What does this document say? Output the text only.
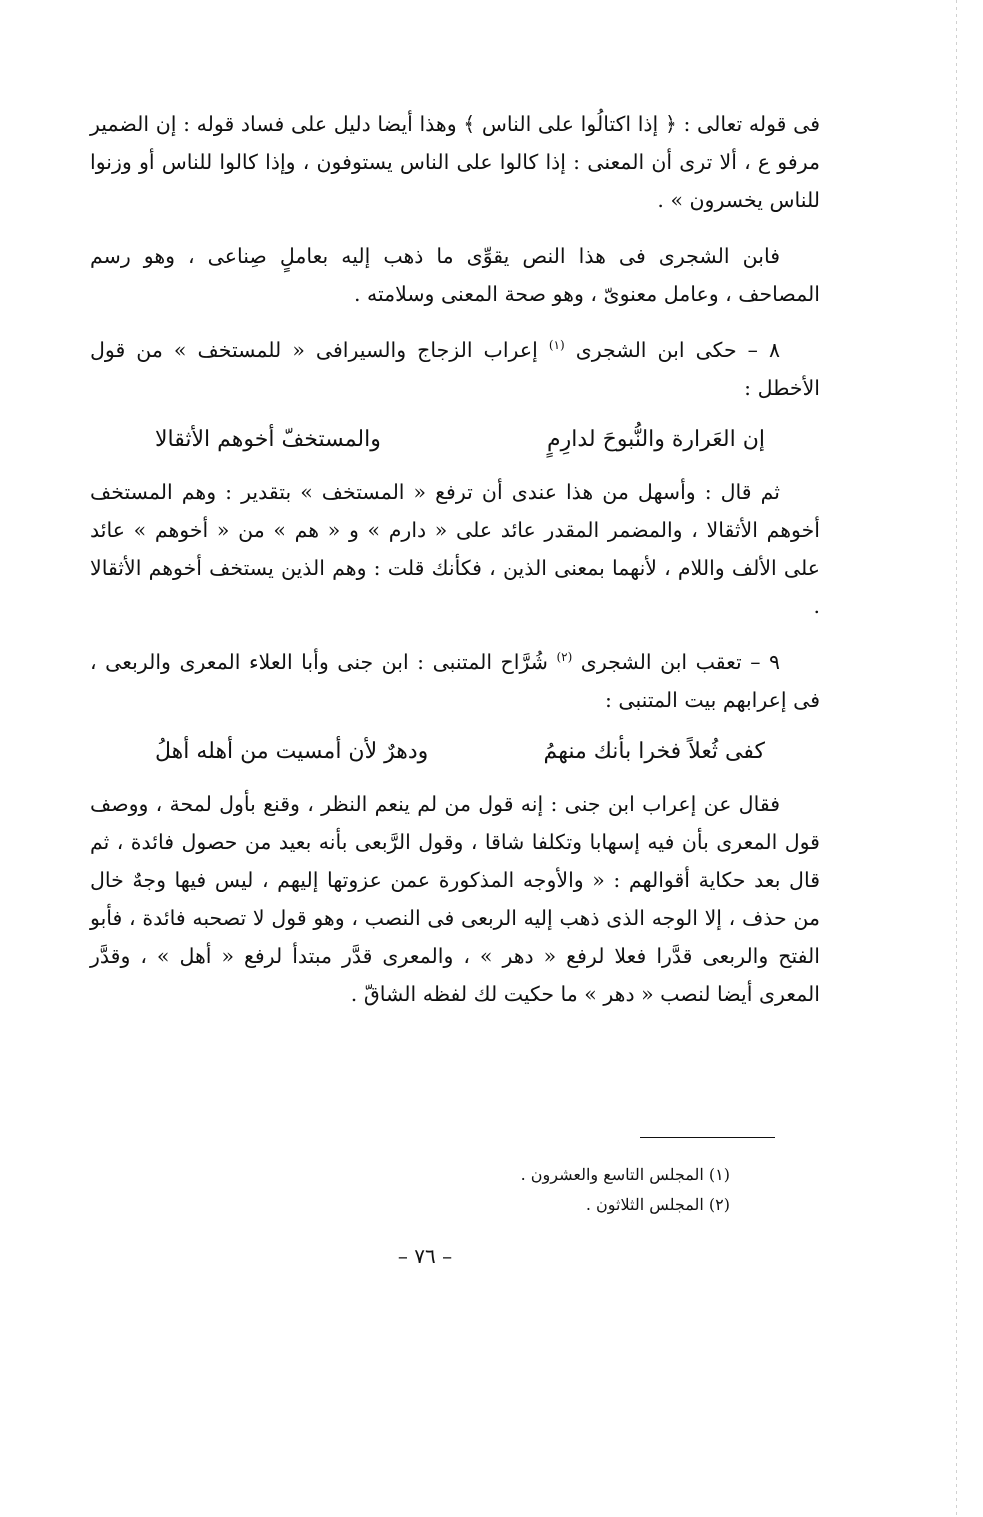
فى قوله تعالى : ﴿ إذا اكتالُوا على الناس ﴾ وهذا أيضا دليل على فساد قوله : إن الضمير مرفو ع ، ألا ترى أن المعنى : إذا كالوا على الناس يستوفون ، وإذا كالوا للناس أو وزنوا للناس يخسرون » .

فابن الشجرى فى هذا النص يقوِّى ما ذهب إليه بعاملٍ صِناعى ، وهو رسم المصاحف ، وعامل معنوىّ ، وهو صحة المعنى وسلامته .

٨ – حكى ابن الشجرى $^{(١)}$ إعراب الزجاج والسيرافى « للمستخف » من قول الأخطل :

إن العَرارة والنُّبوحَ لدارِمٍ
والمستخفّ أخوهم الأثقالا

ثم قال : وأسهل من هذا عندى أن ترفع « المستخف » بتقدير : وهم المستخف أخوهم الأثقالا ، والمضمر المقدر عائد على « دارم » و « هم » من « أخوهم » عائد على الألف واللام ، لأنهما بمعنى الذين ، فكأنك قلت : وهم الذين يستخف أخوهم الأثقالا .

٩ – تعقب ابن الشجرى $^{(٢)}$ شُرَّاح المتنبى : ابن جنى وأبا العلاء المعرى والربعى ، فى إعرابهم بيت المتنبى :

كفى ثُعلاً فخرا بأنك منهمُ
ودهرٌ لأن أمسيت من أهله أهلُ

فقال عن إعراب ابن جنى : إنه قول من لم ينعم النظر ، وقنع بأول لمحة ، ووصف قول المعرى بأن فيه إسهابا وتكلفا شاقا ، وقول الرَّبعى بأنه بعيد من حصول فائدة ، ثم قال بعد حكاية أقوالهم : « والأوجه المذكورة عمن عزوتها إليهم ، ليس فيها وجهٌ خال من حذف ، إلا الوجه الذى ذهب إليه الربعى فى النصب ، وهو قول لا تصحبه فائدة ، فأبو الفتح والربعى قدَّرا فعلا لرفع « دهر » ، والمعرى قدَّر مبتدأ لرفع « أهل » ، وقدَّر المعرى أيضا لنصب « دهر » ما حكيت لك لفظه الشاقّ .

(١) المجلس التاسع والعشرون .
(٢) المجلس الثلاثون .
– ٧٦ –
